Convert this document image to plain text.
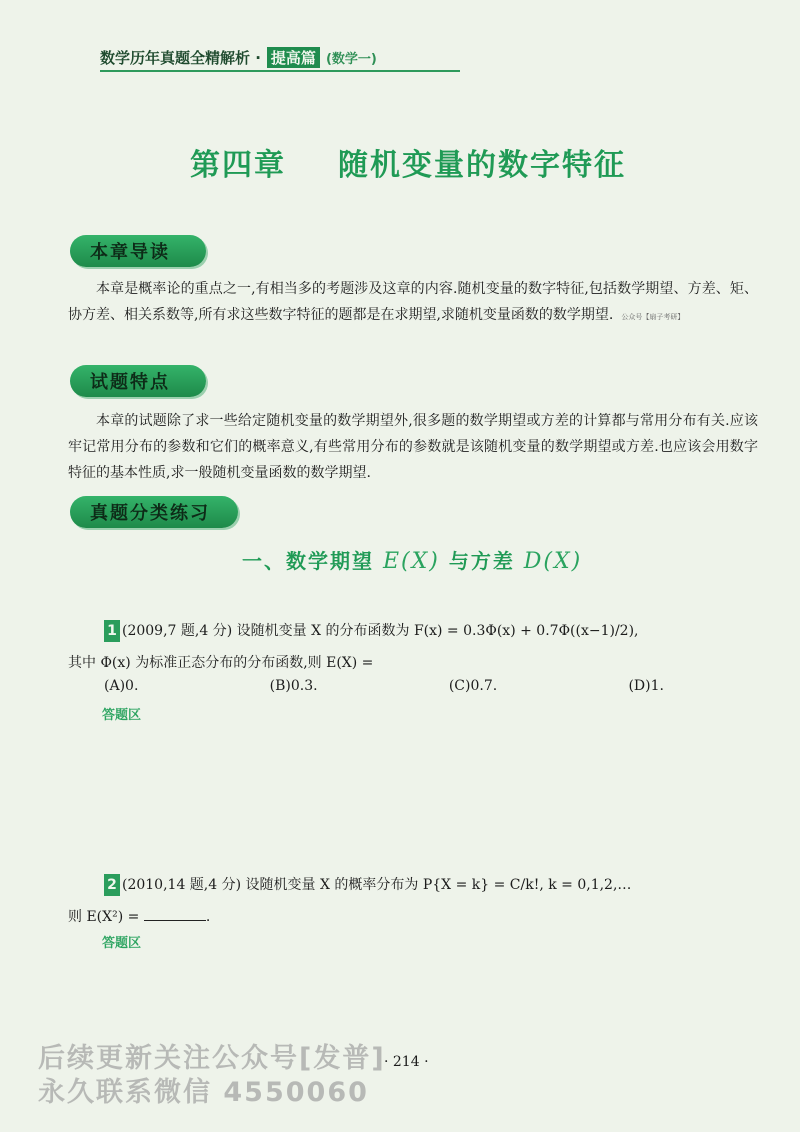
数学历年真题全精解析 · 提高篇 (数学一)
第四章 随机变量的数字特征
本章导读

本章是概率论的重点之一,有相当多的考题涉及这章的内容.随机变量的数字特征,包括数学期望、方差、矩、协方差、相关系数等,所有求这些数字特征的题都是在求期望,求随机变量函数的数学期望. 公众号【扇子考研】

试题特点

本章的试题除了求一些给定随机变量的数学期望外,很多题的数学期望或方差的计算都与常用分布有关.应该牢记常用分布的参数和它们的概率意义,有些常用分布的参数就是该随机变量的数学期望或方差.也应该会用数字特征的基本性质,求一般随机变量函数的数学期望.

真题分类练习
一、数学期望 E(X) 与方差 D(X)
1 (2009,7 题,4 分) 设随机变量 X 的分布函数为 F(x) = 0.3Φ(x) + 0.7Φ((x−1)/2),
其中 Φ(x) 为标准正态分布的分布函数,则 E(X) =
(A)0.	(B)0.3.	(C)0.7.	(D)1.
答题区
2 (2010,14 题,4 分) 设随机变量 X 的概率分布为 P{X = k} = C/k!, k = 0,1,2,…
则 E(X²) =	.
答题区
后续更新关注公众号[发普]
永久联系微信 4550060
· 214 ·
